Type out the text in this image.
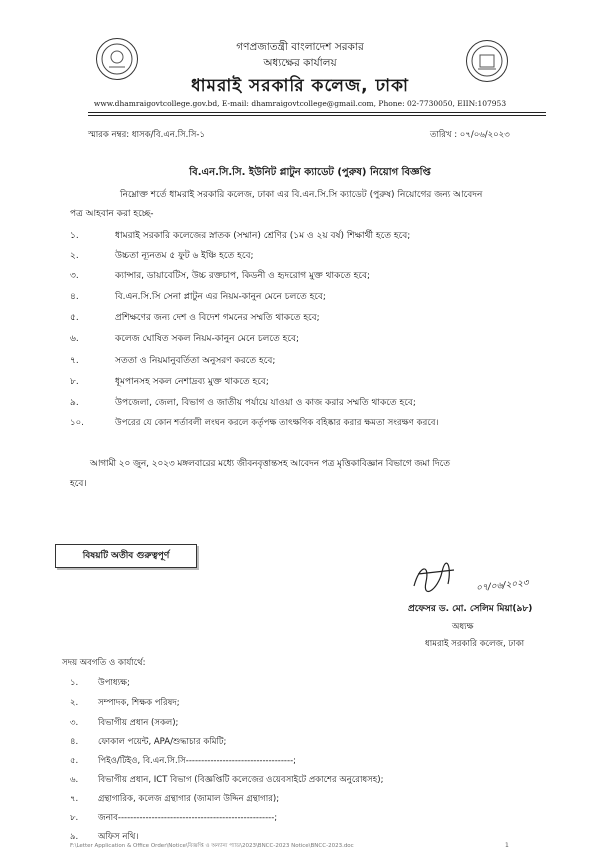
গণপ্রজাতন্ত্রী বাংলাদেশ সরকার
অধ্যক্ষের কার্যালয়
ধামরাই সরকারি কলেজ, ঢাকা
www.dhamraigovtcollege.gov.bd, E-mail: dhamraigovtcollege@gmail.com, Phone: 02-7730050, EIIN:107953
স্মারক নম্বর: ধাসক/বি.এন.সি.সি-১	তারিখ : ০৭/০৬/২০২৩
বি.এন.সি.সি. ইউনিট প্লাটুন ক্যাডেট (পুরুষ) নিয়োগ বিজ্ঞপ্তি
নিম্নোক্ত শর্তে ধামরাই সরকারি কলেজ, ঢাকা এর বি.এন.সি.সি ক্যাডেট (পুরুষ) নিয়োগের জন্য আবেদন
পত্র আহবান করা হচ্ছে-
১.	ধামরাই সরকারি কলেজের স্নাতক (সম্মান) শ্রেণির (১ম ও ২য় বর্ষ) শিক্ষার্থী হতে হবে;
২.	উচ্চতা ন্যূনতম ৫ ফুট ৬ ইঞ্চি হতে হবে;
৩.	ক্যান্সার, ডায়াবেটিস, উচ্চ রক্তচাপ, কিডনী ও হৃদরোগ মুক্ত থাকতে হবে;
৪.	বি.এন.সি.সি সেনা প্লাটুন এর নিয়ম-কানুন মেনে চলতে হবে;
৫.	প্রশিক্ষণের জন্য দেশ ও বিদেশ গমনের সম্মতি থাকতে হবে;
৬.	কলেজ ঘোষিত সকল নিয়ম-কানুন মেনে চলতে হবে;
৭.	সততা ও নিয়মানুবর্তিতা অনুসরণ করতে হবে;
৮.	ধূমপানসহ সকল নেশাদ্রব্য মুক্ত থাকতে হবে;
৯.	উপজেলা, জেলা, বিভাগ ও জাতীয় পর্যায়ে যাওয়া ও কাজ করার সম্মতি থাকতে হবে;
১০.	উপরের যে কোন শর্তাবলী লংঘন করলে কর্তৃপক্ষ তাৎক্ষণিক বহিষ্কার করার ক্ষমতা সংরক্ষণ করবে।
আগামী ২০ জুন, ২০২৩ মঙ্গলবারের মধ্যে জীবনবৃত্তান্তসহ আবেদন পত্র মৃত্তিকাবিজ্ঞান বিভাগে জমা দিতে
হবে।
বিষয়টি অতীব গুরুত্বপূর্ণ
০৭/০৬/২০২৩
প্রফেসর ড. মো. সেলিম মিয়া(৯৮)
অধ্যক্ষ
ধামরাই সরকারি কলেজ, ঢাকা
সদয় অবগতি ও কার্যার্থে:
১. উপাধ্যক্ষ;
২. সম্পাদক, শিক্ষক পরিষদ;
৩. বিভাগীয় প্রধান (সকল);
৪. ফোকাল পয়েন্ট, APA/শুদ্ধাচার কমিটি;
৫. পিইও/টিইও, বি.এন.সি.সি-----------------------------------;
৬. বিভাগীয় প্রধান, ICT বিভাগ (বিজ্ঞপ্তিটি কলেজের ওয়েবসাইটে প্রকাশের অনুরোধসহ);
৭. গ্রন্থাগারিক, কলেজ গ্রন্থাগার (জামাল উদ্দিন গ্রন্থাগার);
৮. জনাব---------------------------------------------------;
৯. অফিস নথি।
F:\Letter Application & Office Order\Notice\বিজ্ঞপ্তি ও অন্যান্য প্যাড\2023\BNCC-2023 Notice\BNCC-2023.doc	1
